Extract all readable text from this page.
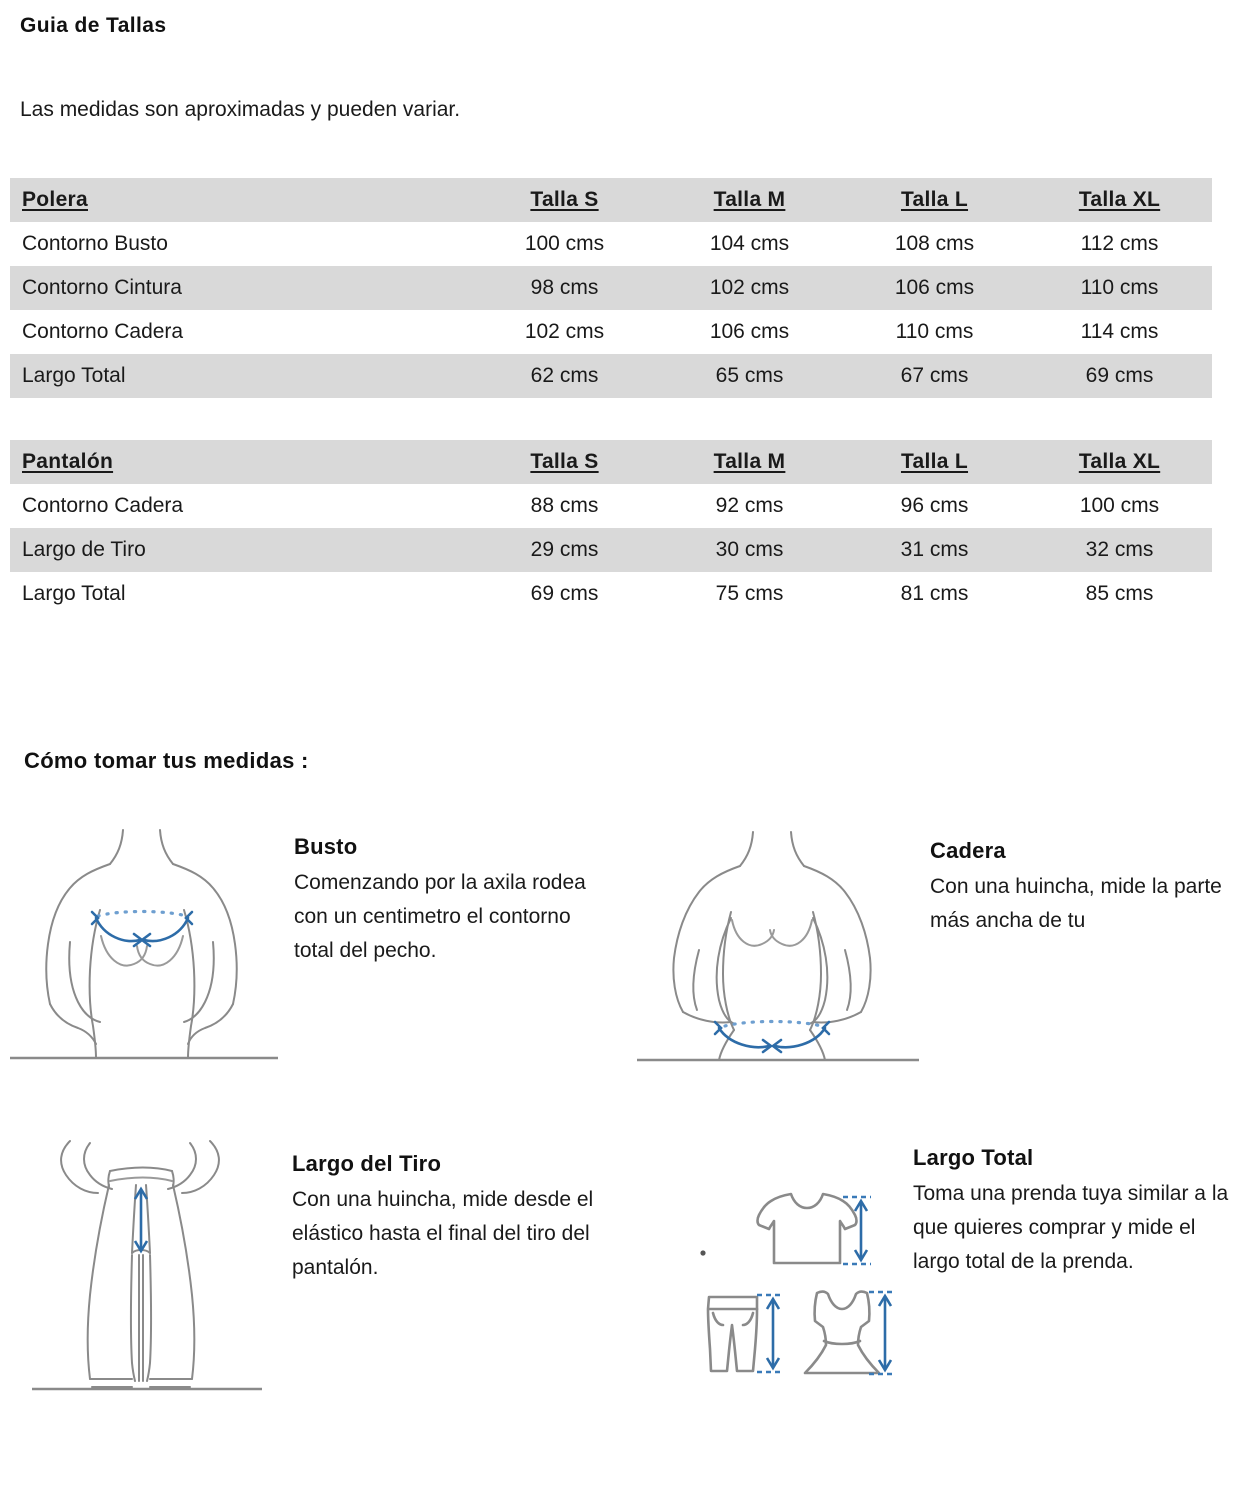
Guia de Tallas
Las medidas son aproximadas y pueden variar.
Polera	Talla S	Talla M	Talla L	Talla XL
Contorno Busto	100 cms	104 cms	108 cms	112 cms
Contorno Cintura	98 cms	102 cms	106 cms	110 cms
Contorno Cadera	102 cms	106 cms	110 cms	114 cms
Largo Total	62 cms	65 cms	67 cms	69 cms
Pantalón	Talla S	Talla M	Talla L	Talla XL
Contorno Cadera	88 cms	92 cms	96 cms	100 cms
Largo de Tiro	29 cms	30 cms	31 cms	32 cms
Largo Total	69 cms	75 cms	81 cms	85 cms
Cómo tomar tus medidas :
Busto

Comenzando por la axila rodea con un centimetro el contorno total del pecho.

Cadera

Con una huincha, mide la parte más ancha de tu

Largo del Tiro

Con una huincha, mide desde el elástico hasta el final del tiro del pantalón.

Largo Total

Toma una prenda tuya similar a la que quieres comprar y mide el largo total de la prenda.
